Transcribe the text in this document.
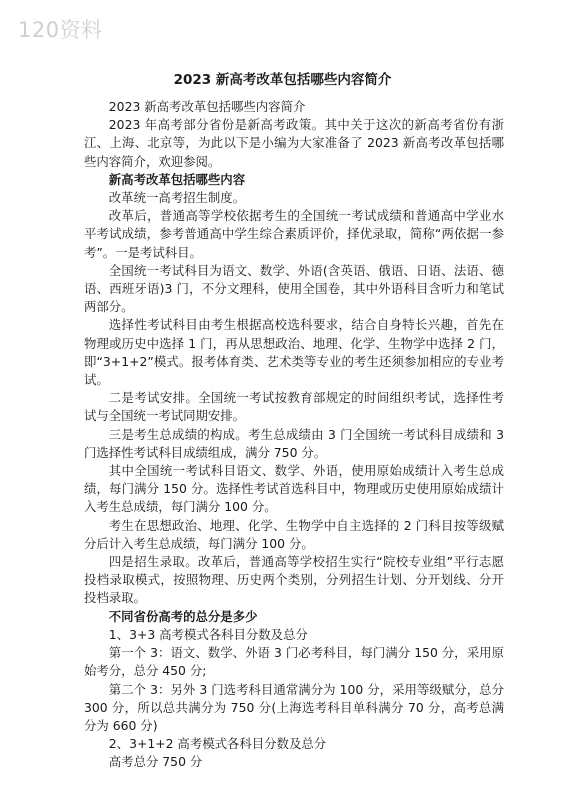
120资料
2023 新高考改革包括哪些内容简介

2023 新高考改革包括哪些内容简介

2023 年高考部分省份是新高考政策。其中关于这次的新高考省份有浙江、上海、北京等，为此以下是小编为大家准备了 2023 新高考改革包括哪些内容简介，欢迎参阅。

新高考改革包括哪些内容

改革统一高考招生制度。

改革后，普通高等学校依据考生的全国统一考试成绩和普通高中学业水平考试成绩，参考普通高中学生综合素质评价，择优录取，简称“两依据一参考”。一是考试科目。

全国统一考试科目为语文、数学、外语(含英语、俄语、日语、法语、德语、西班牙语)3 门，不分文理科，使用全国卷，其中外语科目含听力和笔试两部分。

选择性考试科目由考生根据高校选科要求，结合自身特长兴趣，首先在物理或历史中选择 1 门，再从思想政治、地理、化学、生物学中选择 2 门，即“3+1+2”模式。报考体育类、艺术类等专业的考生还须参加相应的专业考试。

二是考试安排。全国统一考试按教育部规定的时间组织考试，选择性考试与全国统一考试同期安排。

三是考生总成绩的构成。考生总成绩由 3 门全国统一考试科目成绩和 3 门选择性考试科目成绩组成，满分 750 分。

其中全国统一考试科目语文、数学、外语，使用原始成绩计入考生总成绩，每门满分 150 分。选择性考试首选科目中，物理或历史使用原始成绩计入考生总成绩，每门满分 100 分。

考生在思想政治、地理、化学、生物学中自主选择的 2 门科目按等级赋分后计入考生总成绩，每门满分 100 分。

四是招生录取。改革后，普通高等学校招生实行“院校专业组”平行志愿投档录取模式，按照物理、历史两个类别，分列招生计划、分开划线、分开投档录取。

不同省份高考的总分是多少

1、3+3 高考模式各科目分数及总分

第一个 3：语文、数学、外语 3 门必考科目，每门满分 150 分，采用原始考分，总分 450 分;

第二个 3：另外 3 门选考科目通常满分为 100 分，采用等级赋分，总分 300 分，所以总共满分为 750 分(上海选考科目单科满分 70 分，高考总满分为 660 分)

2、3+1+2 高考模式各科目分数及总分

高考总分 750 分
